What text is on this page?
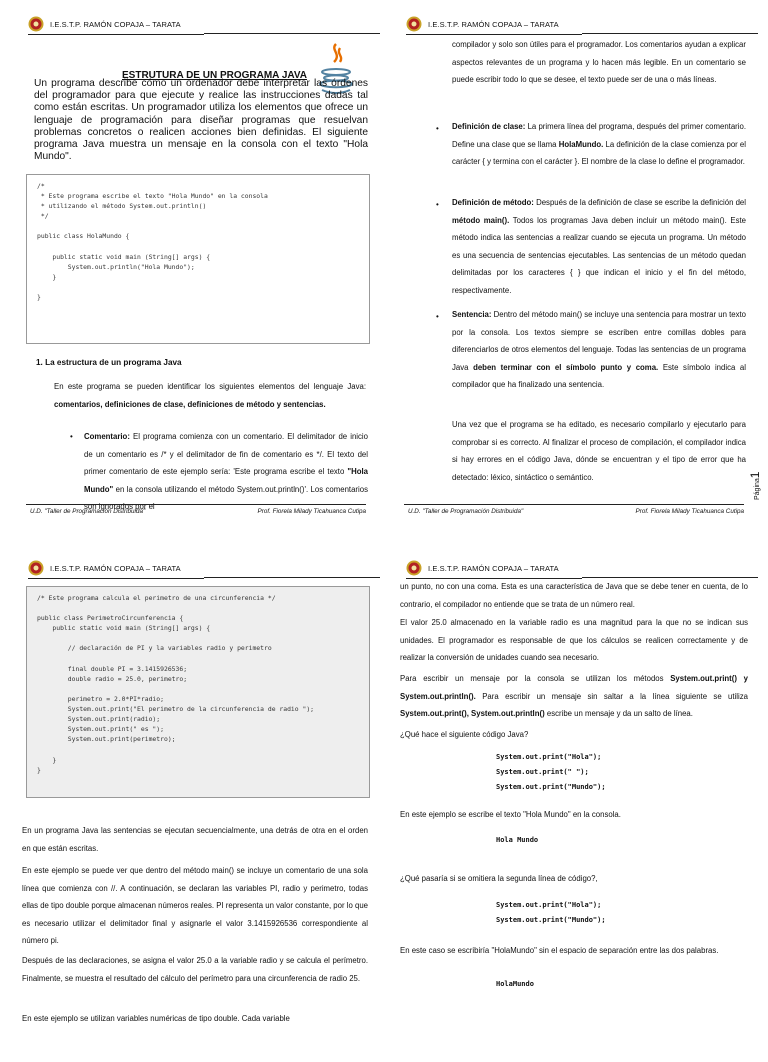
I.E.S.T.P. RAMÓN COPAJA – TARATA
ESTRUTURA DE UN PROGRAMA JAVA
Un programa describe cómo un ordenador debe interpretar las órdenes del programador para que ejecute y realice las instrucciones dadas tal como están escritas. Un programador utiliza los elementos que ofrece un lenguaje de programación para diseñar programas que resuelvan problemas concretos o realicen acciones bien definidas. El siguiente programa Java muestra un mensaje en la consola con el texto "Hola Mundo".
/*
* Este programa escribe el texto "Hola Mundo" en la consola
* utilizando el método System.out.println()
*/

public class HolaMundo {

public static void main (String[] args) {
System.out.println("Hola Mundo");
}

}
1. La estructura de un programa Java
En este programa se pueden identificar los siguientes elementos del lenguaje Java: comentarios, definiciones de clase, definiciones de método y sentencias.
• Comentario: El programa comienza con un comentario. El delimitador de inicio de un comentario es /* y el delimitador de fin de comentario es */. El texto del primer comentario de este ejemplo sería: 'Este programa escribe el texto "Hola Mundo" en la consola utilizando el método System.out.println()'. Los comentarios son ignorados por el
U.D. "Taller de Programación Distribuida"	Prof. Fiorela Milady Ticahuanca Cutipa
I.E.S.T.P. RAMÓN COPAJA – TARATA
compilador y solo son útiles para el programador. Los comentarios ayudan a explicar aspectos relevantes de un programa y lo hacen más legible. En un comentario se puede escribir todo lo que se desee, el texto puede ser de una o más líneas.
• Definición de clase: La primera línea del programa, después del primer comentario. Define una clase que se llama HolaMundo. La definición de la clase comienza por el carácter { y termina con el carácter }. El nombre de la clase lo define el programador.
• Definición de método: Después de la definición de clase se escribe la definición del método main(). Todos los programas Java deben incluir un método main(). Este método indica las sentencias a realizar cuando se ejecuta un programa. Un método es una secuencia de sentencias ejecutables. Las sentencias de un método quedan delimitadas por los caracteres { } que indican el inicio y el fin del método, respectivamente.
• Sentencia: Dentro del método main() se incluye una sentencia para mostrar un texto por la consola. Los textos siempre se escriben entre comillas dobles para diferenciarlos de otros elementos del lenguaje. Todas las sentencias de un programa Java deben terminar con el símbolo punto y coma. Este símbolo indica al compilador que ha finalizado una sentencia.
Una vez que el programa se ha editado, es necesario compilarlo y ejecutarlo para comprobar si es correcto. Al finalizar el proceso de compilación, el compilador indica si hay errores en el código Java, dónde se encuentran y el tipo de error que ha detectado: léxico, sintáctico o semántico.
U.D. "Taller de Programación Distribuida"	Prof. Fiorela Milady Ticahuanca Cutipa
Página1
I.E.S.T.P. RAMÓN COPAJA – TARATA
/* Este programa calcula el perimetro de una circunferencia */

public class PerimetroCircunferencia {
public static void main (String[] args) {

// declaración de PI y la variables radio y perimetro

final double PI = 3.1415926536;
double radio = 25.0, perimetro;

perimetro = 2.0*PI*radio;
System.out.print("El perimetro de la circunferencia de radio ");
System.out.print(radio);
System.out.print(" es ");
System.out.print(perimetro);

}
}
En un programa Java las sentencias se ejecutan secuencialmente, una detrás de otra en el orden en que están escritas.
En este ejemplo se puede ver que dentro del método main() se incluye un comentario de una sola línea que comienza con //. A continuación, se declaran las variables PI, radio y perimetro, todas ellas de tipo double porque almacenan números reales. PI representa un valor constante, por lo que es necesario utilizar el delimitador final y asignarle el valor 3.1415926536 correspondiente al número pi.
Después de las declaraciones, se asigna el valor 25.0 a la variable radio y se calcula el perímetro. Finalmente, se muestra el resultado del cálculo del perímetro para una circunferencia de radio 25.
En este ejemplo se utilizan variables numéricas de tipo double. Cada variable
I.E.S.T.P. RAMÓN COPAJA – TARATA
un punto, no con una coma. Esta es una característica de Java que se debe tener en cuenta, de lo contrario, el compilador no entiende que se trata de un número real.
El valor 25.0 almacenado en la variable radio es una magnitud para la que no se indican sus unidades. El programador es responsable de que los cálculos se realicen correctamente y de realizar la conversión de unidades cuando sea necesario.
Para escribir un mensaje por la consola se utilizan los métodos System.out.print() y System.out.println(). Para escribir un mensaje sin saltar a la línea siguiente se utiliza System.out.print(), System.out.println() escribe un mensaje y da un salto de línea.
¿Qué hace el siguiente código Java?
System.out.print("Hola");
System.out.print(" ");
System.out.print("Mundo");
En este ejemplo se escribe el texto "Hola Mundo" en la consola.
Hola Mundo
¿Qué pasaría si se omitiera la segunda línea de código?,
System.out.print("Hola");
System.out.print("Mundo");
En este caso se escribiría "HolaMundo" sin el espacio de separación entre las dos palabras.
HolaMundo
